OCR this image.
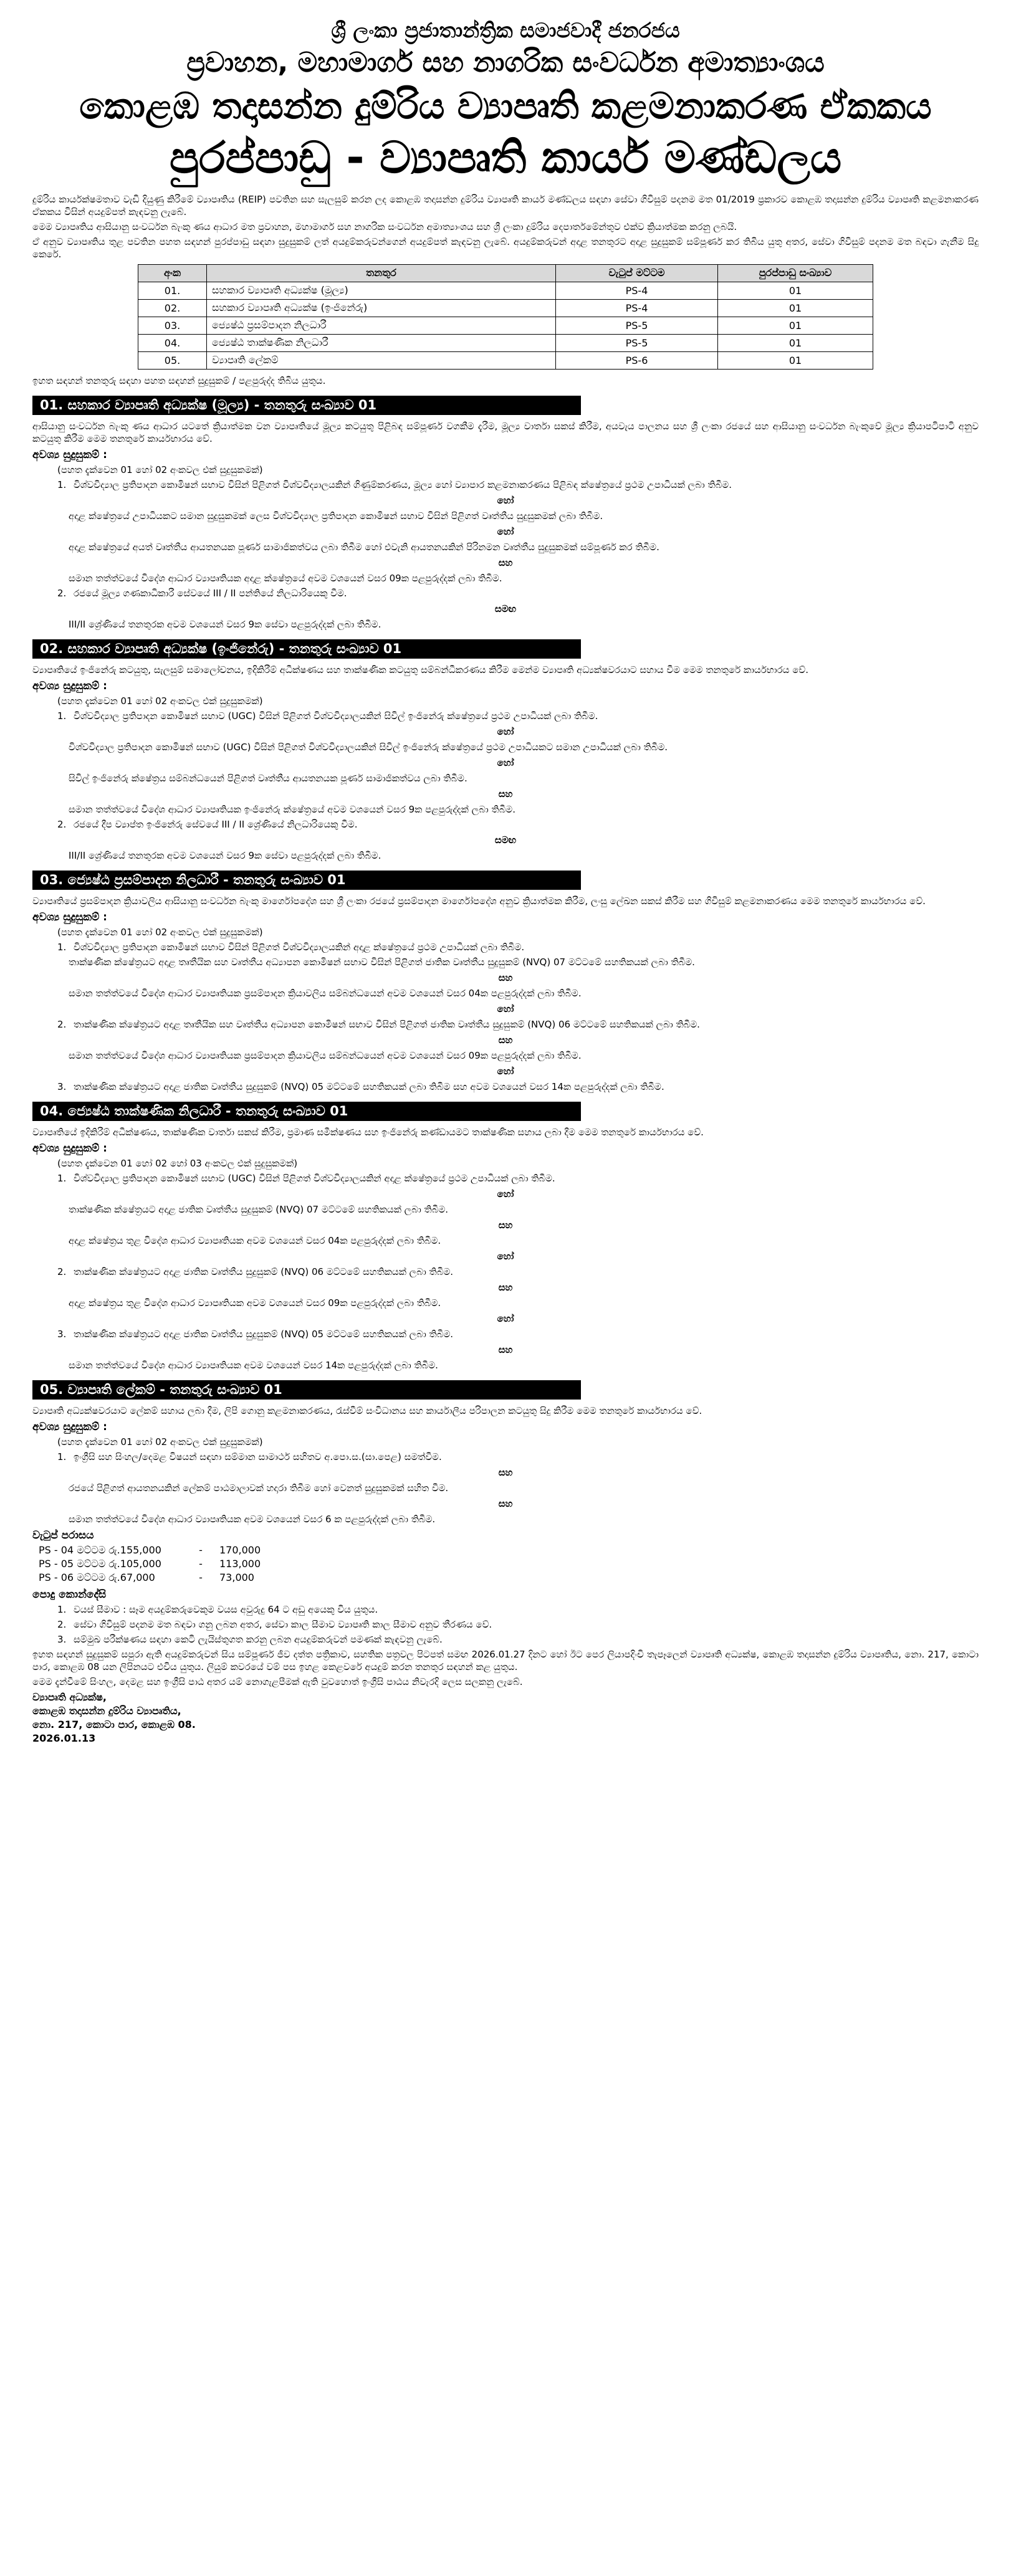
ශ්‍රී ලංකා ප්‍රජාතාන්ත්‍රික සමාජවාදී ජනරජය
ප්‍රවාහන, මහාමාර්ග සහ නාගරික සංවර්ධන අමාත්‍යාංශය
කොළඹ තදාසන්න දුම්රිය ව්‍යාපෘති කළමනාකරණ ඒකකය
පුරප්පාඩු - ව්‍යාපෘති කාර්ය මණ්ඩලය

දුම්රිය කාර්යක්ෂමතාව වැඩි දියුණු කිරීමේ ව්‍යාපෘතිය (REIP) පවතින සහ සැලසුම් කරන ලද කොළඹ තදාසන්න දුම්රිය ව්‍යාපෘති කාර්ය මණ්ඩලය සඳහා සේවා ගිවිසුම් පදනම මත 01/2019 ප්‍රකාරව කොළඹ තදාසන්න දුම්රිය ව්‍යාපෘති කළමනාකරණ ඒකකය විසින් අයදුම්පත් කැඳවනු ලැබේ.

මෙම ව්‍යාපෘතිය ආසියානු සංවර්ධන බැංකු ණය ආධාර මත ප්‍රවාහන, මහාමාර්ග සහ නාගරික සංවර්ධන අමාත්‍යාංශය සහ ශ්‍රී ලංකා දුම්රිය දෙපාර්තමේන්තුව එක්ව ක්‍රියාත්මක කරනු ලබයි.

ඒ අනුව ව්‍යාපෘතිය තුළ පවතින පහත සඳහන් පුරප්පාඩු සඳහා සුදුසුකම් ලත් අයදුම්කරුවන්ගෙන් අයදුම්පත් කැඳවනු ලැබේ. අයදුම්කරුවන් අදාළ තනතුරට අදාළ සුදුසුකම් සම්පූර්ණ කර තිබිය යුතු අතර, සේවා ගිවිසුම් පදනම මත බඳවා ගැනීම සිදු කෙරේ.

අංක	තනතුර	වැටුප් මට්ටම	පුරප්පාඩු සංඛ්‍යාව
01.	සහකාර ව්‍යාපෘති අධ්‍යක්ෂ (මූල්‍ය)	PS-4	01
02.	සහකාර ව්‍යාපෘති අධ්‍යක්ෂ (ඉංජිනේරු)	PS-4	01
03.	ජ්‍යෙෂ්ඨ ප්‍රසම්පාදන නිලධාරී	PS-5	01
04.	ජ්‍යෙෂ්ඨ තාක්ෂණික නිලධාරී	PS-5	01
05.	ව්‍යාපෘති ලේකම්	PS-6	01

ඉහත සඳහන් තනතුරු සඳහා පහත සඳහන් සුදුසුකම් / පළපුරුද්ද තිබිය යුතුය.

01. සහකාර ව්‍යාපෘති අධ්‍යක්ෂ (මූල්‍ය) - තනතුරු සංඛ්‍යාව 01

ආසියානු සංවර්ධන බැංකු ණය ආධාර යටතේ ක්‍රියාත්මක වන ව්‍යාපෘතියේ මූල්‍ය කටයුතු පිළිබඳ සම්පූර්ණ වගකීම දැරීම, මූල්‍ය වාර්තා සකස් කිරීම, අයවැය පාලනය සහ ශ්‍රී ලංකා රජයේ සහ ආසියානු සංවර්ධන බැංකුවේ මූල්‍ය ක්‍රියාපටිපාටි අනුව කටයුතු කිරීම මෙම තනතුරේ කාර්යභාරය වේ.

අවශ්‍ය සුදුසුකම් :

(පහත දැක්වෙන 01 හෝ 02 අංකවල එක් සුදුසුකමක්)

1. විශ්වවිද්‍යාල ප්‍රතිපාදන කොමිෂන් සභාව විසින් පිළිගත් විශ්වවිද්‍යාලයකින් ගිණුම්කරණය, මූල්‍ය හෝ ව්‍යාපාර කළමනාකරණය පිළිබඳ ක්ෂේත්‍රයේ ප්‍රථම උපාධියක් ලබා තිබීම.
හෝ

අදාළ ක්ෂේත්‍රයේ උපාධියකට සමාන සුදුසුකමක් ලෙස විශ්වවිද්‍යාල ප්‍රතිපාදන කොමිෂන් සභාව විසින් පිළිගත් වෘත්තීය සුදුසුකමක් ලබා තිබීම.

හෝ

අදාළ ක්ෂේත්‍රයේ අයත් වෘත්තීය ආයතනයක පූර්ණ සාමාජිකත්වය ලබා තිබීම හෝ එවැනි ආයතනයකින් පිරිනමන වෘත්තීය සුදුසුකමක් සම්පූර්ණ කර තිබීම.

සහ

සමාන තත්ත්වයේ විදේශ ආධාර ව්‍යාපෘතියක අදාළ ක්ෂේත්‍රයේ අවම වශයෙන් වසර 09ක පළපුරුද්දක් ලබා තිබීම.

2. රජයේ මූල්‍ය ගණකාධිකාරී සේවයේ III / II පන්තියේ නිලධාරියෙකු වීම.
සමඟ

III/II ශ්‍රේණියේ තනතුරක අවම වශයෙන් වසර 9ක සේවා පළපුරුද්දක් ලබා තිබීම.

02. සහකාර ව්‍යාපෘති අධ්‍යක්ෂ (ඉංජිනේරු) - තනතුරු සංඛ්‍යාව 01

ව්‍යාපෘතියේ ඉංජිනේරු කටයුතු, සැලසුම් සමාලෝචනය, ඉදිකිරීම් අධීක්ෂණය සහ තාක්ෂණික කටයුතු සම්බන්ධීකරණය කිරීම මෙන්ම ව්‍යාපෘති අධ්‍යක්ෂවරයාට සහාය වීම මෙම තනතුරේ කාර්යභාරය වේ.

අවශ්‍ය සුදුසුකම් :

(පහත දැක්වෙන 01 හෝ 02 අංකවල එක් සුදුසුකමක්)

1. විශ්වවිද්‍යාල ප්‍රතිපාදන කොමිෂන් සභාව (UGC) විසින් පිළිගත් විශ්වවිද්‍යාලයකින් සිවිල් ඉංජිනේරු ක්ෂේත්‍රයේ ප්‍රථම උපාධියක් ලබා තිබීම.
හෝ

විශ්වවිද්‍යාල ප්‍රතිපාදන කොමිෂන් සභාව (UGC) විසින් පිළිගත් විශ්වවිද්‍යාලයකින් සිවිල් ඉංජිනේරු ක්ෂේත්‍රයේ ප්‍රථම උපාධියකට සමාන උපාධියක් ලබා තිබීම.

හෝ

සිවිල් ඉංජිනේරු ක්ෂේත්‍රය සම්බන්ධයෙන් පිළිගත් වෘත්තීය ආයතනයක පූර්ණ සාමාජිකත්වය ලබා තිබීම.

සහ

සමාන තත්ත්වයේ විදේශ ආධාර ව්‍යාපෘතියක ඉංජිනේරු ක්ෂේත්‍රයේ අවම වශයෙන් වසර 9ක පළපුරුද්දක් ලබා තිබීම.

2. රජයේ දීප ව්‍යාප්ත ඉංජිනේරු සේවයේ III / II ශ්‍රේණියේ නිලධාරියෙකු වීම.
සමඟ

III/II ශ්‍රේණියේ තනතුරක අවම වශයෙන් වසර 9ක සේවා පළපුරුද්දක් ලබා තිබීම.

03. ජ්‍යෙෂ්ඨ ප්‍රසම්පාදන නිලධාරී - තනතුරු සංඛ්‍යාව 01

ව්‍යාපෘතියේ ප්‍රසම්පාදන ක්‍රියාවලිය ආසියානු සංවර්ධන බැංකු මාර්ගෝපදේශ සහ ශ්‍රී ලංකා රජයේ ප්‍රසම්පාදන මාර්ගෝපදේශ අනුව ක්‍රියාත්මක කිරීම, ලංසු ලේඛන සකස් කිරීම සහ ගිවිසුම් කළමනාකරණය මෙම තනතුරේ කාර්යභාරය වේ.

අවශ්‍ය සුදුසුකම් :

(පහත දැක්වෙන 01 හෝ 02 අංකවල එක් සුදුසුකමක්)

1. විශ්වවිද්‍යාල ප්‍රතිපාදන කොමිෂන් සභාව විසින් පිළිගත් විශ්වවිද්‍යාලයකින් අදාළ ක්ෂේත්‍රයේ ප්‍රථම උපාධියක් ලබා තිබීම.

තාක්ෂණික ක්ෂේත්‍රයට අදාළ තෘතීයික සහ වෘත්තීය අධ්‍යාපන කොමිෂන් සභාව විසින් පිළිගත් ජාතික වෘත්තීය සුදුසුකම් (NVQ) 07 මට්ටමේ සහතිකයක් ලබා තිබීම.

සහ

සමාන තත්ත්වයේ විදේශ ආධාර ව්‍යාපෘතියක ප්‍රසම්පාදන ක්‍රියාවලිය සම්බන්ධයෙන් අවම වශයෙන් වසර 04ක පළපුරුද්දක් ලබා තිබීම.

හෝ
2. තාක්ෂණික ක්ෂේත්‍රයට අදාළ තෘතීයික සහ වෘත්තීය අධ්‍යාපන කොමිෂන් සභාව විසින් පිළිගත් ජාතික වෘත්තීය සුදුසුකම් (NVQ) 06 මට්ටමේ සහතිකයක් ලබා තිබීම.
සහ

සමාන තත්ත්වයේ විදේශ ආධාර ව්‍යාපෘතියක ප්‍රසම්පාදන ක්‍රියාවලිය සම්බන්ධයෙන් අවම වශයෙන් වසර 09ක පළපුරුද්දක් ලබා තිබීම.

හෝ
3. තාක්ෂණික ක්ෂේත්‍රයට අදාළ ජාතික වෘත්තීය සුදුසුකම් (NVQ) 05 මට්ටමේ සහතිකයක් ලබා තිබීම සහ අවම වශයෙන් වසර 14ක පළපුරුද්දක් ලබා තිබීම.
04. ජ්‍යෙෂ්ඨ තාක්ෂණික නිලධාරී - තනතුරු සංඛ්‍යාව 01

ව්‍යාපෘතියේ ඉදිකිරීම් අධීක්ෂණය, තාක්ෂණික වාර්තා සකස් කිරීම, ප්‍රමාණ සමීක්ෂණය සහ ඉංජිනේරු කණ්ඩායමට තාක්ෂණික සහාය ලබා දීම මෙම තනතුරේ කාර්යභාරය වේ.

අවශ්‍ය සුදුසුකම් :

(පහත දැක්වෙන 01 හෝ 02 හෝ 03 අංකවල එක් සුදුසුකමක්)

1. විශ්වවිද්‍යාල ප්‍රතිපාදන කොමිෂන් සභාව (UGC) විසින් පිළිගත් විශ්වවිද්‍යාලයකින් අදාළ ක්ෂේත්‍රයේ ප්‍රථම උපාධියක් ලබා තිබීම.
හෝ

තාක්ෂණික ක්ෂේත්‍රයට අදාළ ජාතික වෘත්තීය සුදුසුකම් (NVQ) 07 මට්ටමේ සහතිකයක් ලබා තිබීම.

සහ

අදාළ ක්ෂේත්‍රය තුළ විදේශ ආධාර ව්‍යාපෘතියක අවම වශයෙන් වසර 04ක පළපුරුද්දක් ලබා තිබීම.

හෝ
2. තාක්ෂණික ක්ෂේත්‍රයට අදාළ ජාතික වෘත්තීය සුදුසුකම් (NVQ) 06 මට්ටමේ සහතිකයක් ලබා තිබීම.
සහ

අදාළ ක්ෂේත්‍රය තුළ විදේශ ආධාර ව්‍යාපෘතියක අවම වශයෙන් වසර 09ක පළපුරුද්දක් ලබා තිබීම.

හෝ
3. තාක්ෂණික ක්ෂේත්‍රයට අදාළ ජාතික වෘත්තීය සුදුසුකම් (NVQ) 05 මට්ටමේ සහතිකයක් ලබා තිබීම.
සහ

සමාන තත්ත්වයේ විදේශ ආධාර ව්‍යාපෘතියක අවම වශයෙන් වසර 14ක පළපුරුද්දක් ලබා තිබීම.

05. ව්‍යාපෘති ලේකම් - තනතුරු සංඛ්‍යාව 01

ව්‍යාපෘති අධ්‍යක්ෂවරයාට ලේකම් සහාය ලබා දීම, ලිපි ගොනු කළමනාකරණය, රැස්වීම් සංවිධානය සහ කාර්යාලීය පරිපාලන කටයුතු සිදු කිරීම මෙම තනතුරේ කාර්යභාරය වේ.

අවශ්‍ය සුදුසුකම් :

(පහත දැක්වෙන 01 හෝ 02 අංකවල එක් සුදුසුකමක්)

1. ඉංග්‍රීසි සහ සිංහල/දෙමළ විෂයන් සඳහා සම්මාන සාමාර්ථ සහිතව අ.පො.ස.(සා.පෙළ) සමත්වීම.
සහ

රජයේ පිළිගත් ආයතනයකින් ලේකම් පාඨමාලාවක් හදාරා තිබීම හෝ වෙනත් සුදුසුකමක් සහිත වීම.

සහ

සමාන තත්ත්වයේ විදේශ ආධාර ව්‍යාපෘතියක අවම වශයෙන් වසර 6 ක පළපුරුද්දක් ලබා තිබීම.

වැටුප් පරාසය
PS - 04 මට්ටම රු.155,000	-	170,000
PS - 05 මට්ටම රු.105,000	-	113,000
PS - 06 මට්ටම රු.67,000	-	73,000
පොදු කොන්දේසි
1. වයස් සීමාව : සෑම අයදුම්කරුවෙකුම වයස අවුරුදු 64 ට අඩු අයෙකු විය යුතුය.
2. සේවා ගිවිසුම් පදනම මත බඳවා ගනු ලබන අතර, සේවා කාල සීමාව ව්‍යාපෘති කාල සීමාව අනුව තීරණය වේ.
3. සම්මුඛ පරීක්ෂණය සඳහා කෙටි ලැයිස්තුගත කරනු ලබන අයදුම්කරුවන් පමණක් කැඳවනු ලැබේ.

ඉහත සඳහන් සුදුසුකම් සපුරා ඇති අයදුම්කරුවන් සිය සම්පූර්ණ ජීව දත්ත පත්‍රිකාව, සහතික පත්‍රවල පිටපත් සමඟ 2026.01.27 දිනට හෝ ඊට පෙර ලියාපදිංචි තැපෑලෙන් ව්‍යාපෘති අධ්‍යක්ෂ, කොළඹ තදාසන්න දුම්රිය ව්‍යාපෘතිය, නො. 217, කොටා පාර, කොළඹ 08 යන ලිපිනයට එවිය යුතුය. ලියුම් කවරයේ වම් පස ඉහළ කෙළවරේ අයදුම් කරන තනතුර සඳහන් කළ යුතුය.

මෙම දැන්වීමේ සිංහල, දෙමළ සහ ඉංග්‍රීසි පාඨ අතර යම් නොගැළපීමක් ඇති වුවහොත් ඉංග්‍රීසි පාඨය නිවැරදි ලෙස සලකනු ලැබේ.

ව්‍යාපෘති අධ්‍යක්ෂ,
කොළඹ තදාසන්න දුම්රිය ව්‍යාපෘතිය,
නො. 217, කොටා පාර, කොළඹ 08.
2026.01.13
